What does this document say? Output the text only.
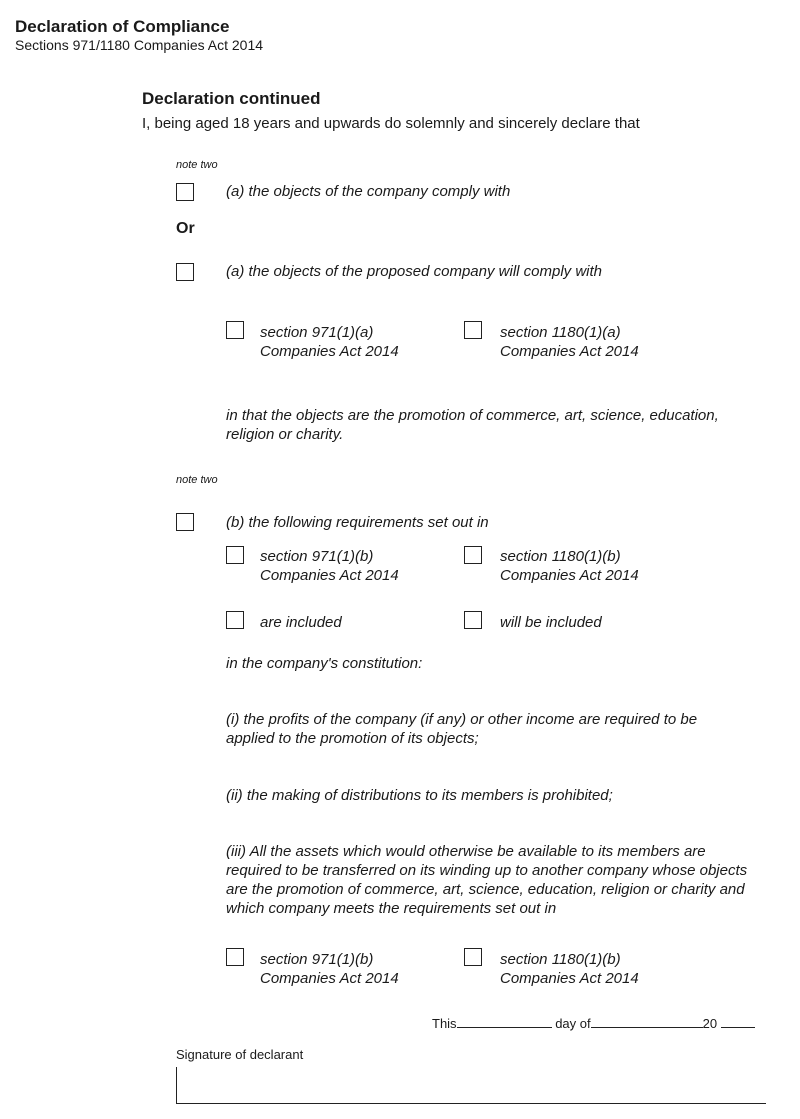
Declaration of Compliance
Sections 971/1180 Companies Act 2014
Declaration continued
I, being aged 18 years and upwards do solemnly and sincerely declare that
note two
(a) the objects of the company comply with
Or
(a) the objects of the proposed company will comply with
section 971(1)(a)
Companies Act 2014
section 1180(1)(a)
Companies Act 2014
in that the objects are the promotion of commerce, art, science, education,
religion or charity.
note two
(b) the following requirements set out in
section 971(1)(b)
Companies Act 2014
section 1180(1)(b)
Companies Act 2014
are included	will be included
in the company's constitution:
(i) the profits of the company (if any) or other income are required to be
applied to the promotion of its objects;
(ii) the making of distributions to its members is prohibited;
(iii) All the assets which would otherwise be available to its members are
required to be transferred on its winding up to another company whose objects
are the promotion of commerce, art, science, education, religion or charity and
which company meets the requirements set out in
section 971(1)(b)
Companies Act 2014
section 1180(1)(b)
Companies Act 2014
This	day of	20
Signature of declarant
